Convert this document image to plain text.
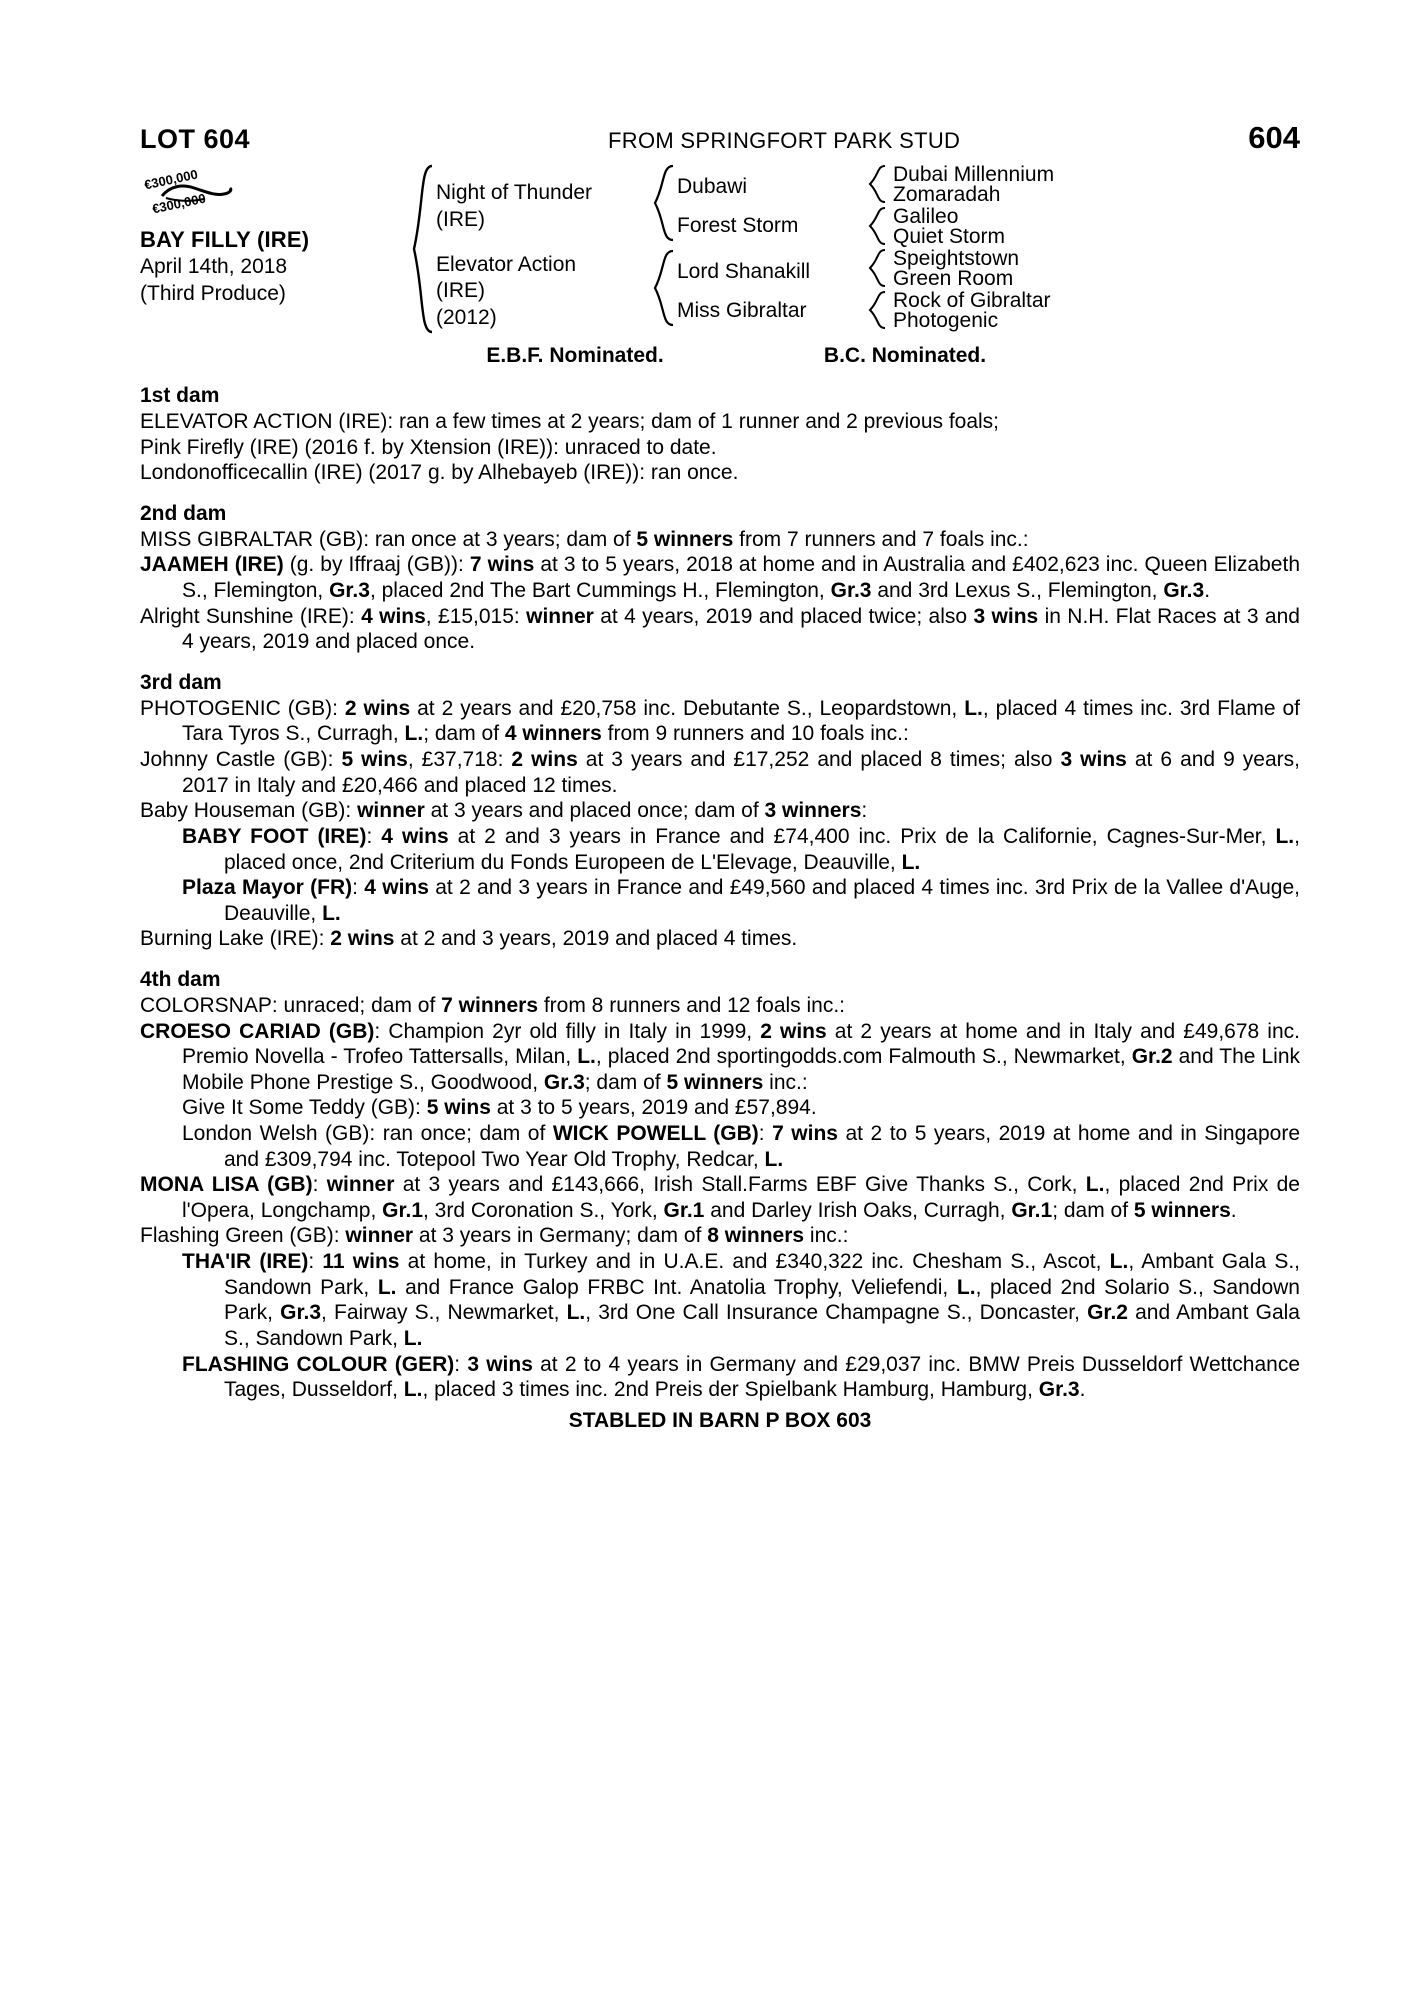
LOT 604	FROM SPRINGFORT PARK STUD	604
€300,000
€300,000
BAY FILLY (IRE)
April 14th, 2018
(Third Produce)
Night of Thunder
(IRE)
Elevator Action
(IRE)
(2012)
Dubawi
Forest Storm
Lord Shanakill
Miss Gibraltar
Dubai Millennium
Zomaradah
Galileo
Quiet Storm
Speightstown
Green Room
Rock of Gibraltar
Photogenic
E.B.F. Nominated.	B.C. Nominated.
1st dam

ELEVATOR ACTION (IRE): ran a few times at 2 years; dam of 1 runner and 2 previous foals;

Pink Firefly (IRE) (2016 f. by Xtension (IRE)): unraced to date.

Londonofficecallin (IRE) (2017 g. by Alhebayeb (IRE)): ran once.

2nd dam

MISS GIBRALTAR (GB): ran once at 3 years; dam of 5 winners from 7 runners and 7 foals inc.:

JAAMEH (IRE) (g. by Iffraaj (GB)): 7 wins at 3 to 5 years, 2018 at home and in Australia and £402,623 inc. Queen Elizabeth S., Flemington, Gr.3, placed 2nd The Bart Cummings H., Flemington, Gr.3 and 3rd Lexus S., Flemington, Gr.3.

Alright Sunshine (IRE): 4 wins, £15,015: winner at 4 years, 2019 and placed twice; also 3 wins in N.H. Flat Races at 3 and 4 years, 2019 and placed once.

3rd dam

PHOTOGENIC (GB): 2 wins at 2 years and £20,758 inc. Debutante S., Leopardstown, L., placed 4 times inc. 3rd Flame of Tara Tyros S., Curragh, L.; dam of 4 winners from 9 runners and 10 foals inc.:

Johnny Castle (GB): 5 wins, £37,718: 2 wins at 3 years and £17,252 and placed 8 times; also 3 wins at 6 and 9 years, 2017 in Italy and £20,466 and placed 12 times.

Baby Houseman (GB): winner at 3 years and placed once; dam of 3 winners:

BABY FOOT (IRE): 4 wins at 2 and 3 years in France and £74,400 inc. Prix de la Californie, Cagnes-Sur-Mer, L., placed once, 2nd Criterium du Fonds Europeen de L'Elevage, Deauville, L.

Plaza Mayor (FR): 4 wins at 2 and 3 years in France and £49,560 and placed 4 times inc. 3rd Prix de la Vallee d'Auge, Deauville, L.

Burning Lake (IRE): 2 wins at 2 and 3 years, 2019 and placed 4 times.

4th dam

COLORSNAP: unraced; dam of 7 winners from 8 runners and 12 foals inc.:

CROESO CARIAD (GB): Champion 2yr old filly in Italy in 1999, 2 wins at 2 years at home and in Italy and £49,678 inc. Premio Novella - Trofeo Tattersalls, Milan, L., placed 2nd sportingodds.com Falmouth S., Newmarket, Gr.2 and The Link Mobile Phone Prestige S., Goodwood, Gr.3; dam of 5 winners inc.:

Give It Some Teddy (GB): 5 wins at 3 to 5 years, 2019 and £57,894.

London Welsh (GB): ran once; dam of WICK POWELL (GB): 7 wins at 2 to 5 years, 2019 at home and in Singapore and £309,794 inc. Totepool Two Year Old Trophy, Redcar, L.

MONA LISA (GB): winner at 3 years and £143,666, Irish Stall.Farms EBF Give Thanks S., Cork, L., placed 2nd Prix de l'Opera, Longchamp, Gr.1, 3rd Coronation S., York, Gr.1 and Darley Irish Oaks, Curragh, Gr.1; dam of 5 winners.

Flashing Green (GB): winner at 3 years in Germany; dam of 8 winners inc.:

THA'IR (IRE): 11 wins at home, in Turkey and in U.A.E. and £340,322 inc. Chesham S., Ascot, L., Ambant Gala S., Sandown Park, L. and France Galop FRBC Int. Anatolia Trophy, Veliefendi, L., placed 2nd Solario S., Sandown Park, Gr.3, Fairway S., Newmarket, L., 3rd One Call Insurance Champagne S., Doncaster, Gr.2 and Ambant Gala S., Sandown Park, L.

FLASHING COLOUR (GER): 3 wins at 2 to 4 years in Germany and £29,037 inc. BMW Preis Dusseldorf Wettchance Tages, Dusseldorf, L., placed 3 times inc. 2nd Preis der Spielbank Hamburg, Hamburg, Gr.3.

STABLED IN BARN P BOX 603
